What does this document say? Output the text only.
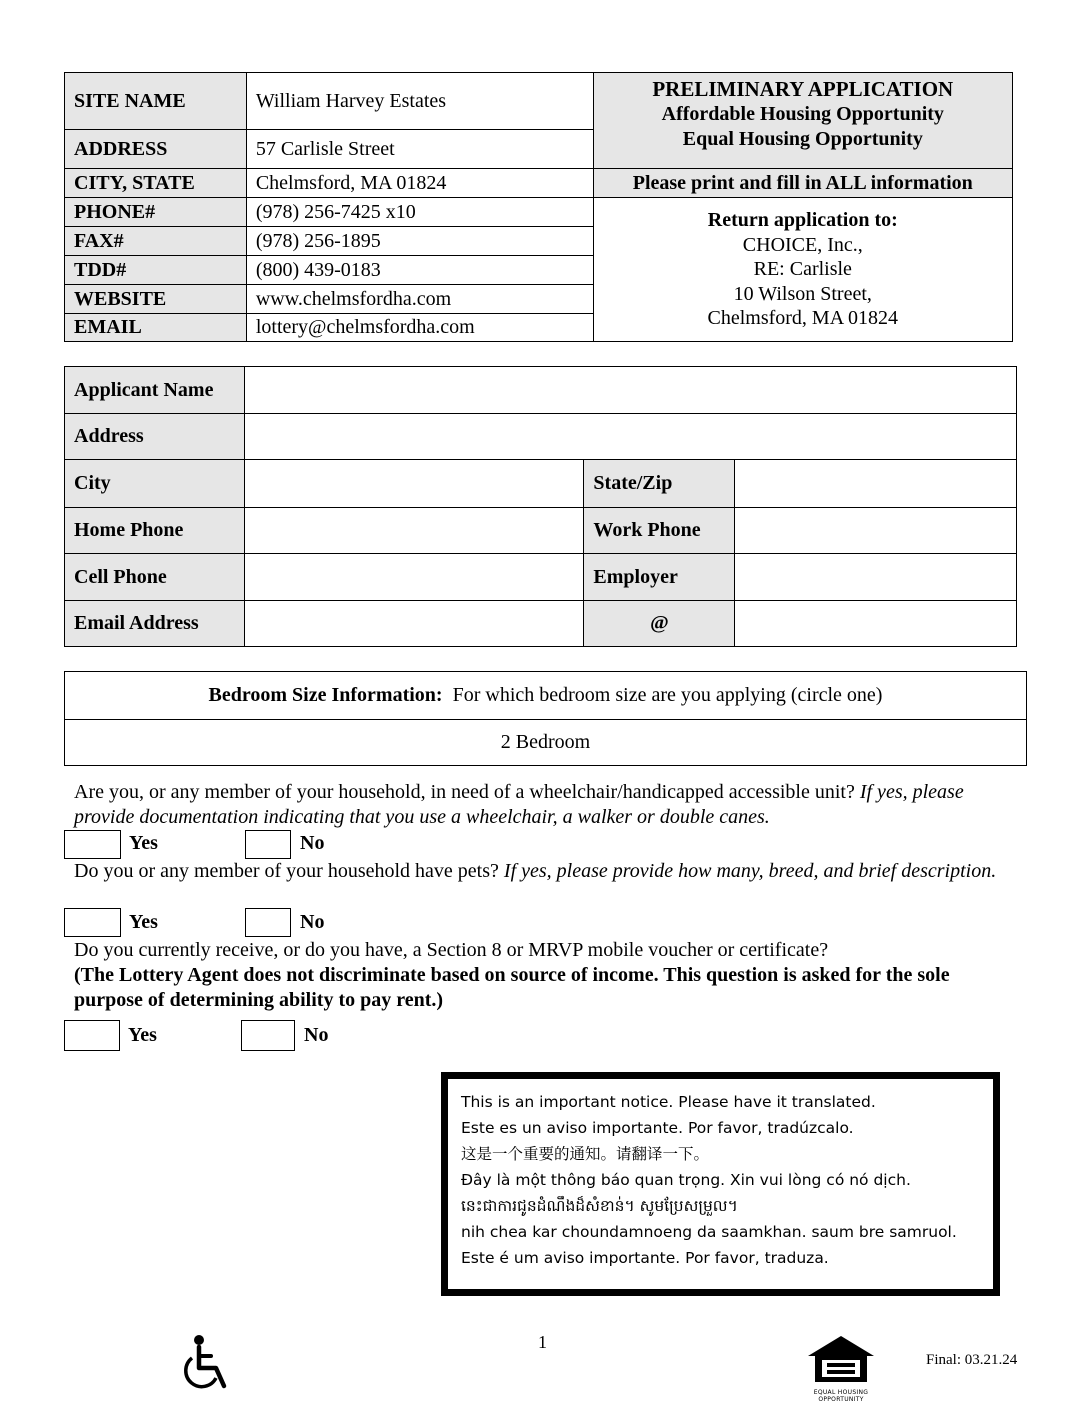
SITE NAME	William Harvey Estates	PRELIMINARY APPLICATION
Affordable Housing Opportunity
Equal Housing Opportunity

ADDRESS	57 Carlisle Street	
CITY, STATE	Chelmsford, MA 01824	Please print and fill in ALL information
PHONE#	(978) 256-7425 x10	Return application to:
CHOICE, Inc.,
RE: Carlisle
10 Wilson Street,
Chelmsford, MA 01824

FAX#	(978) 256-1895	
TDD#	(800) 439-0183	
WEBSITE	www.chelmsfordha.com	
EMAIL	lottery@chelmsfordha.com	
Applicant Name			
Address			
City		State/Zip	
Home Phone		Work Phone	
Cell Phone		Employer	
Email Address		@	
Bedroom Size Information: For which bedroom size are you applying (circle one)
2 Bedroom
Are you, or any member of your household, in need of a wheelchair/handicapped accessible unit? If yes, please provide documentation indicating that you use a wheelchair, a walker or double canes.
Yes	No
Do you or any member of your household have pets? If yes, please provide how many, breed, and brief description.
Yes	No
Do you currently receive, or do you have, a Section 8 or MRVP mobile voucher or certificate?
(The Lottery Agent does not discriminate based on source of income. This question is asked for the sole purpose of determining ability to pay rent.)
Yes	No
This is an important notice. Please have it translated.
Este es un aviso importante. Por favor, tradúzcalo.
这是一个重要的通知。请翻译一下。
Đây là một thông báo quan trọng. Xin vui lòng có nó dịch.
នេះជាការជូនដំណឹងដ៏សំខាន់។ សូមប្រែសម្រួល។
nih chea kar choundamnoeng da saamkhan. saum bre samruol.
Este é um aviso importante. Por favor, traduza.
1
EQUAL HOUSING
OPPORTUNITY
Final: 03.21.24
